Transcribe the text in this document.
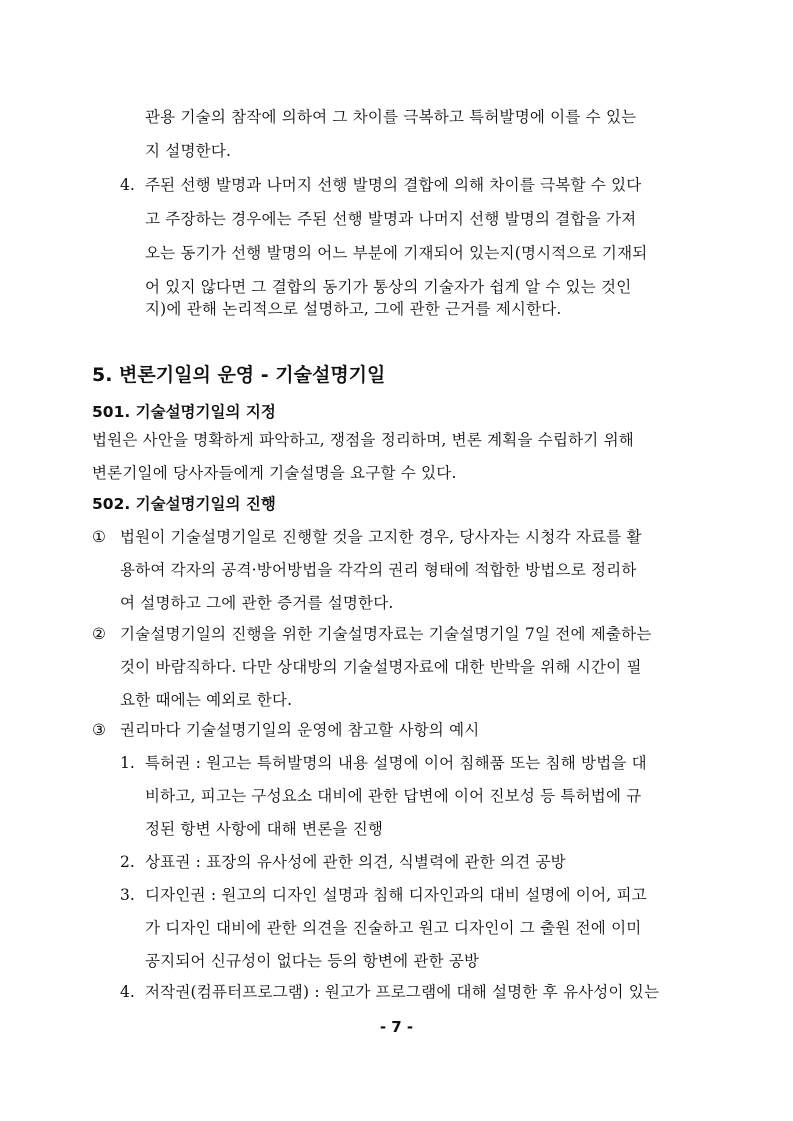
관용 기술의 참작에 의하여 그 차이를 극복하고 특허발명에 이를 수 있는
지 설명한다.
4. 주된 선행 발명과 나머지 선행 발명의 결합에 의해 차이를 극복할 수 있다
고 주장하는 경우에는 주된 선행 발명과 나머지 선행 발명의 결합을 가져
오는 동기가 선행 발명의 어느 부분에 기재되어 있는지(명시적으로 기재되
어 있지 않다면 그 결합의 동기가 통상의 기술자가 쉽게 알 수 있는 것인
지)에 관해 논리적으로 설명하고, 그에 관한 근거를 제시한다.
5. 변론기일의 운영 - 기술설명기일
501. 기술설명기일의 지정
법원은 사안을 명확하게 파악하고, 쟁점을 정리하며, 변론 계획을 수립하기 위해
변론기일에 당사자들에게 기술설명을 요구할 수 있다.
502. 기술설명기일의 진행
① 법원이 기술설명기일로 진행할 것을 고지한 경우, 당사자는 시청각 자료를 활
용하여 각자의 공격·방어방법을 각각의 권리 형태에 적합한 방법으로 정리하
여 설명하고 그에 관한 증거를 설명한다.
② 기술설명기일의 진행을 위한 기술설명자료는 기술설명기일 7일 전에 제출하는
것이 바람직하다. 다만 상대방의 기술설명자료에 대한 반박을 위해 시간이 필
요한 때에는 예외로 한다.
③ 권리마다 기술설명기일의 운영에 참고할 사항의 예시
1. 특허권 : 원고는 특허발명의 내용 설명에 이어 침해품 또는 침해 방법을 대
비하고, 피고는 구성요소 대비에 관한 답변에 이어 진보성 등 특허법에 규
정된 항변 사항에 대해 변론을 진행
2. 상표권 : 표장의 유사성에 관한 의견, 식별력에 관한 의견 공방
3. 디자인권 : 원고의 디자인 설명과 침해 디자인과의 대비 설명에 이어, 피고
가 디자인 대비에 관한 의견을 진술하고 원고 디자인이 그 출원 전에 이미
공지되어 신규성이 없다는 등의 항변에 관한 공방
4. 저작권(컴퓨터프로그램) : 원고가 프로그램에 대해 설명한 후 유사성이 있는
- 7 -
